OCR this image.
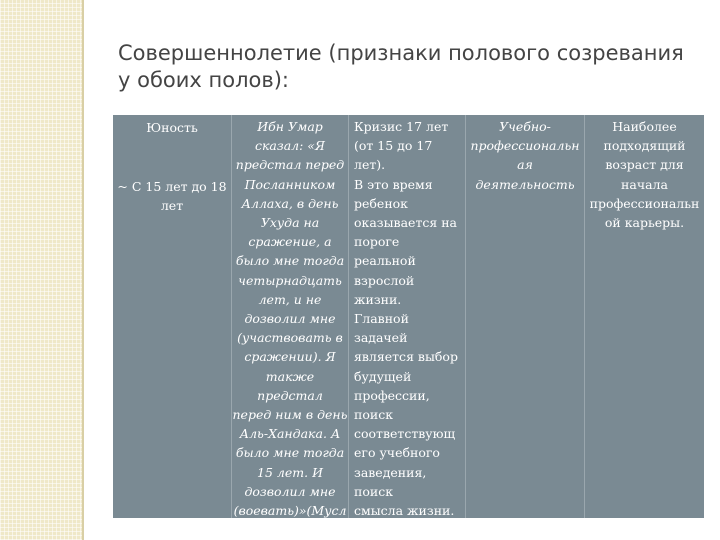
Совершеннолетие (признаки полового созревания у обоих полов):
Юность
~ С 15 лет до 18 лет
Ибн Умар
сказал: «Я
предстал перед
Посланником
Аллаха, в день
Ухуда на
сражение, а
было мне тогда
четырнадцать
лет, и не
дозволил мне
(участвовать в
сражении). Я
также предстал
перед ним в день
Аль-Хандака. А
было мне тогда
15 лет. И
дозволил мне
(воевать)»(Мусл
им)
Кризис 17 лет
(от 15 до 17 лет).
В это время
ребенок
оказывается на
пороге реальной
взрослой жизни.
Главной задачей
является выбор
будущей
профессии,
поиск
соответствующ
его учебного
заведения, поиск
смысла жизни.
Учебно-
профессиональн
ая деятельность
Наиболее
подходящий
возраст для
начала
профессиональн
ой карьеры.
